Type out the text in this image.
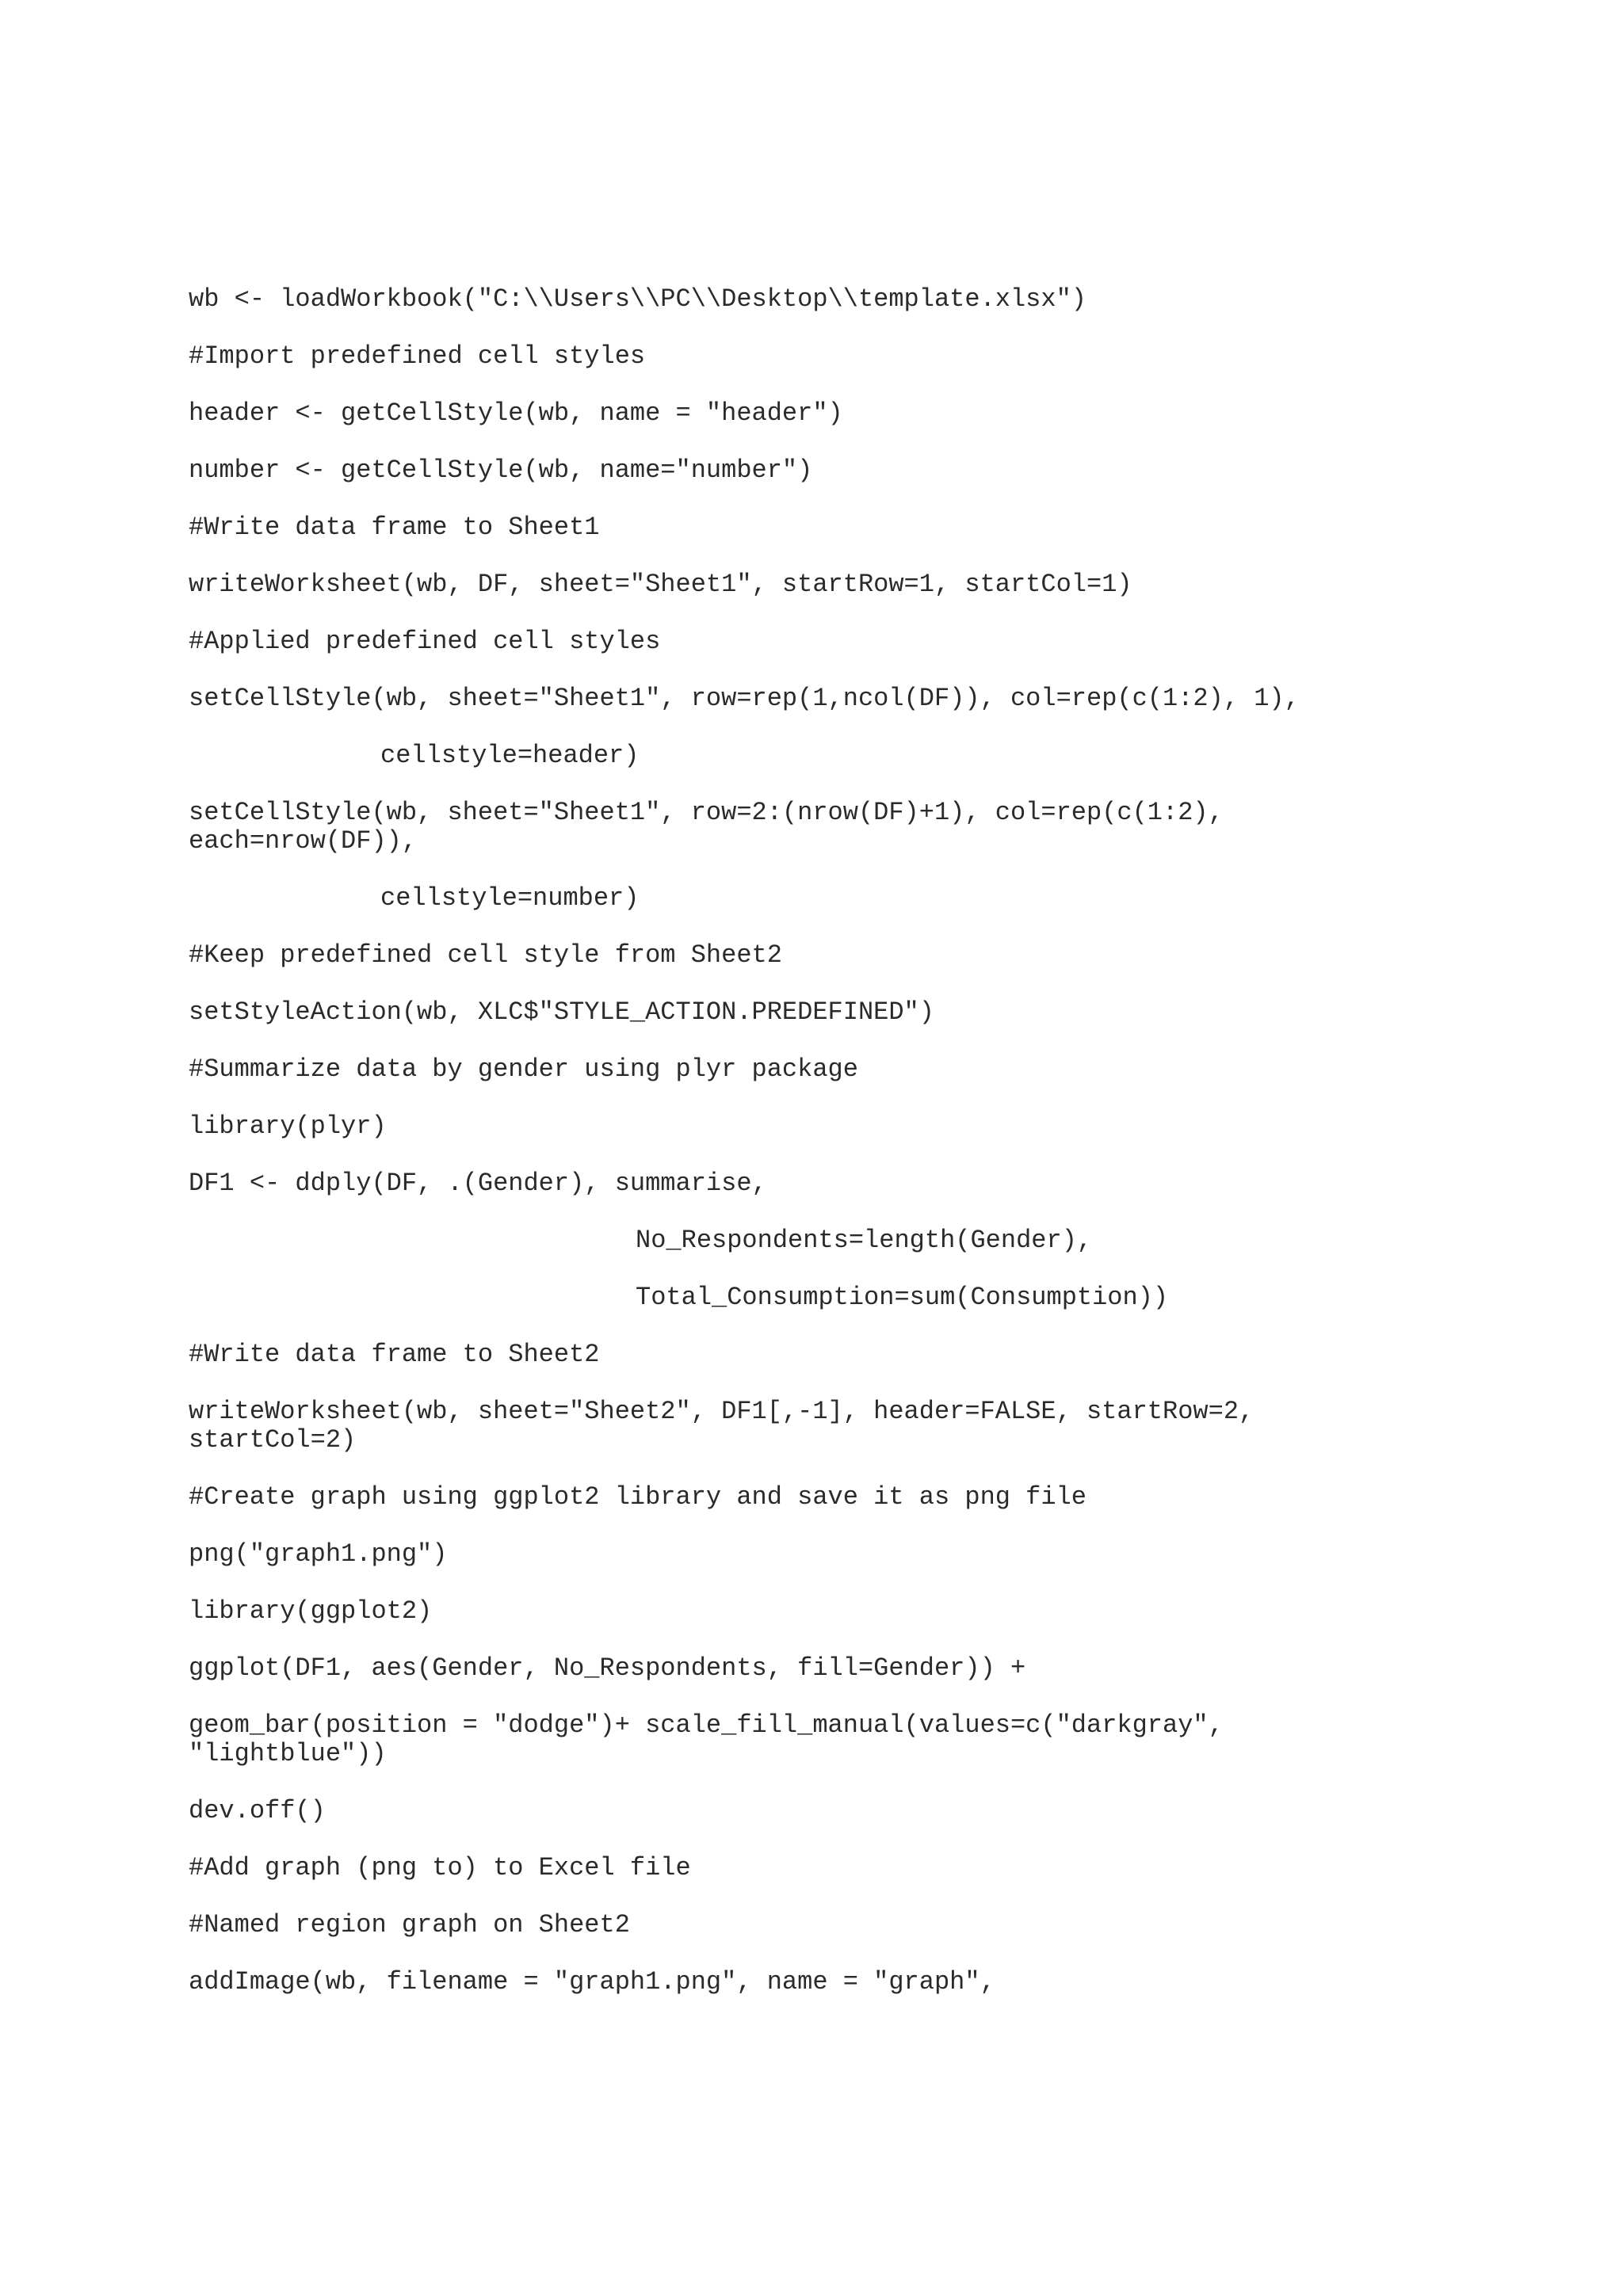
wb <- loadWorkbook("C:\\Users\\PC\\Desktop\\template.xlsx")
#Import predefined cell styles
header <- getCellStyle(wb, name = "header")
number <- getCellStyle(wb, name="number")
#Write data frame to Sheet1
writeWorksheet(wb, DF, sheet="Sheet1", startRow=1, startCol=1)
#Applied predefined cell styles
setCellStyle(wb, sheet="Sheet1", row=rep(1,ncol(DF)), col=rep(c(1:2), 1),
cellstyle=header)
setCellStyle(wb, sheet="Sheet1", row=2:(nrow(DF)+1), col=rep(c(1:2), each=nrow(DF)),
cellstyle=number)
#Keep predefined cell style from Sheet2
setStyleAction(wb, XLC$"STYLE_ACTION.PREDEFINED")
#Summarize data by gender using plyr package
library(plyr)
DF1 <- ddply(DF, .(Gender), summarise,
No_Respondents=length(Gender),
Total_Consumption=sum(Consumption))
#Write data frame to Sheet2
writeWorksheet(wb, sheet="Sheet2", DF1[,-1], header=FALSE, startRow=2, startCol=2)
#Create graph using ggplot2 library and save it as png file
png("graph1.png")
library(ggplot2)
ggplot(DF1, aes(Gender, No_Respondents, fill=Gender)) +
geom_bar(position = "dodge")+ scale_fill_manual(values=c("darkgray", "lightblue"))
dev.off()
#Add graph (png to) to Excel file
#Named region graph on Sheet2
addImage(wb, filename = "graph1.png", name = "graph",
